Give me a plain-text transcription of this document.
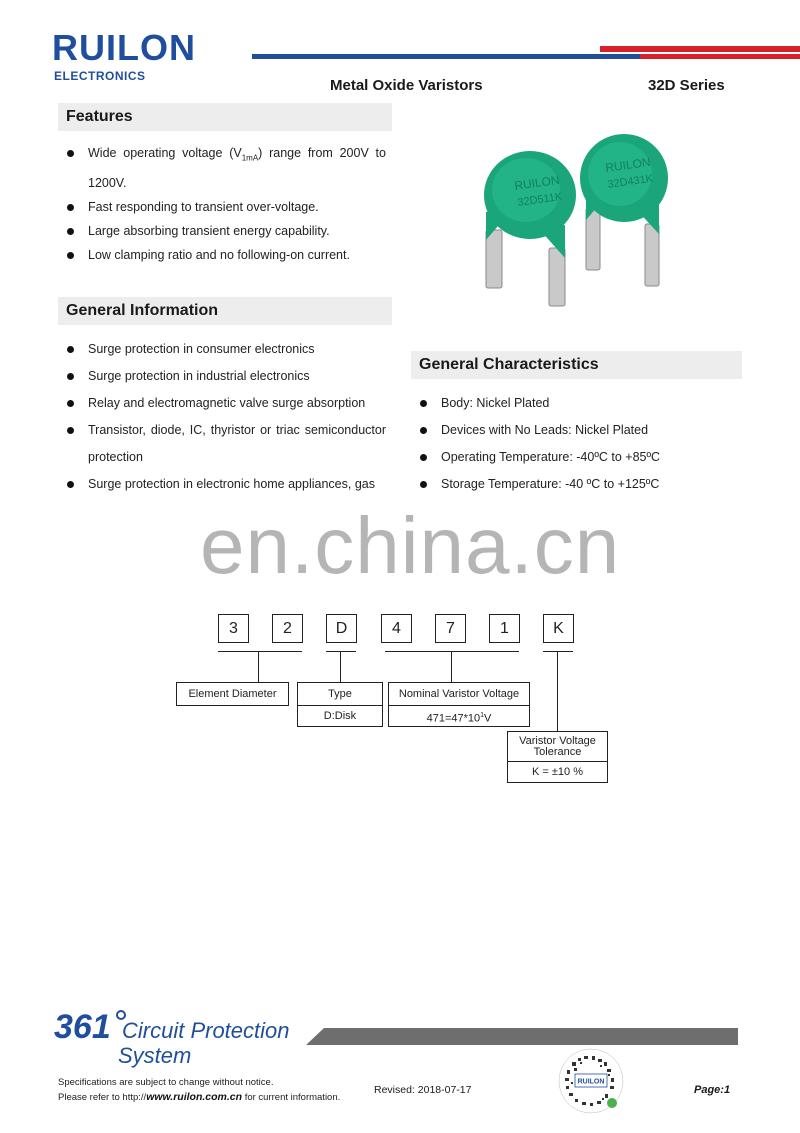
RUILON
ELECTRONICS
Metal Oxide Varistors	32D Series
Features
Wide operating voltage $(V_{1mA})$ range from 200V to 1200V.
Fast responding to transient over-voltage.
Large absorbing transient energy capability.
Low clamping ratio and no following-on current.
RUILON
32D511K
RUILON
32D431K
General Information
Surge protection in consumer electronics
Surge protection in industrial electronics
Relay and electromagnetic valve surge absorption
Transistor, diode, IC, thyristor or triac semiconductor protection
Surge protection in electronic home appliances, gas
General Characteristics
Body: Nickel Plated
Devices with No Leads: Nickel Plated
Operating Temperature: -40ºC to +85ºC
Storage Temperature: -40 ºC to +125ºC
en.china.cn
3	2	D	4	7	1	K
Element Diameter	Type
D:Disk
Nominal Varistor Voltage
$471=47*10^1V$
Varistor Voltage Tolerance
K = ±10 %
361 Circuit Protection
System
Specifications are subject to change without notice.
Please refer to http://www.ruilon.com.cn for current information.
Revised: 2018-07-17
RUILON
Page:1
